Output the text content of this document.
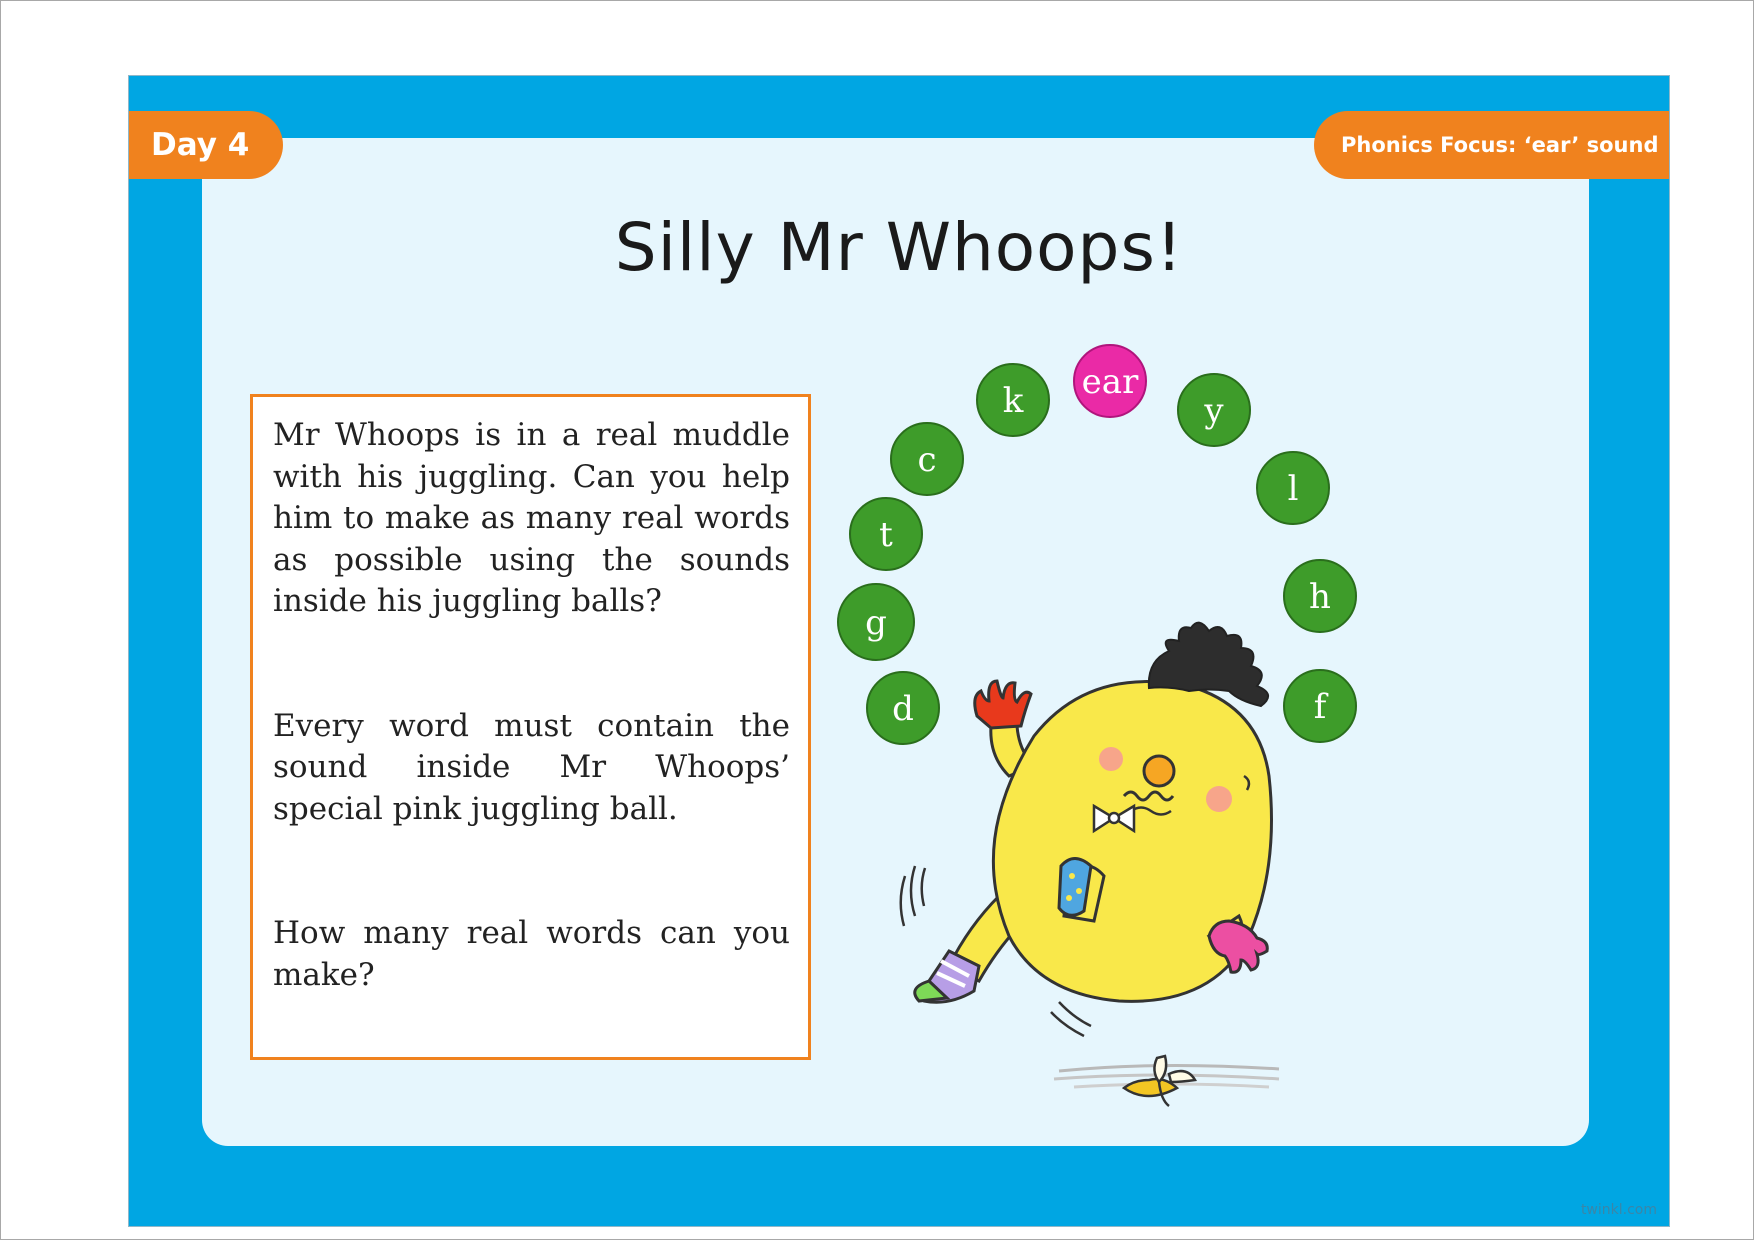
Day 4	Phonics Focus: ‘ear’ sound
Silly Mr Whoops!

Mr Whoops is in a real muddle with his juggling. Can you help him to make as many real words as possible using the sounds inside his juggling balls?

Every word must contain the sound inside Mr Whoops’ special pink juggling ball.

How many real words can you make?

d
g
t
c
k ear
y
l
h
f
twinkl.com
